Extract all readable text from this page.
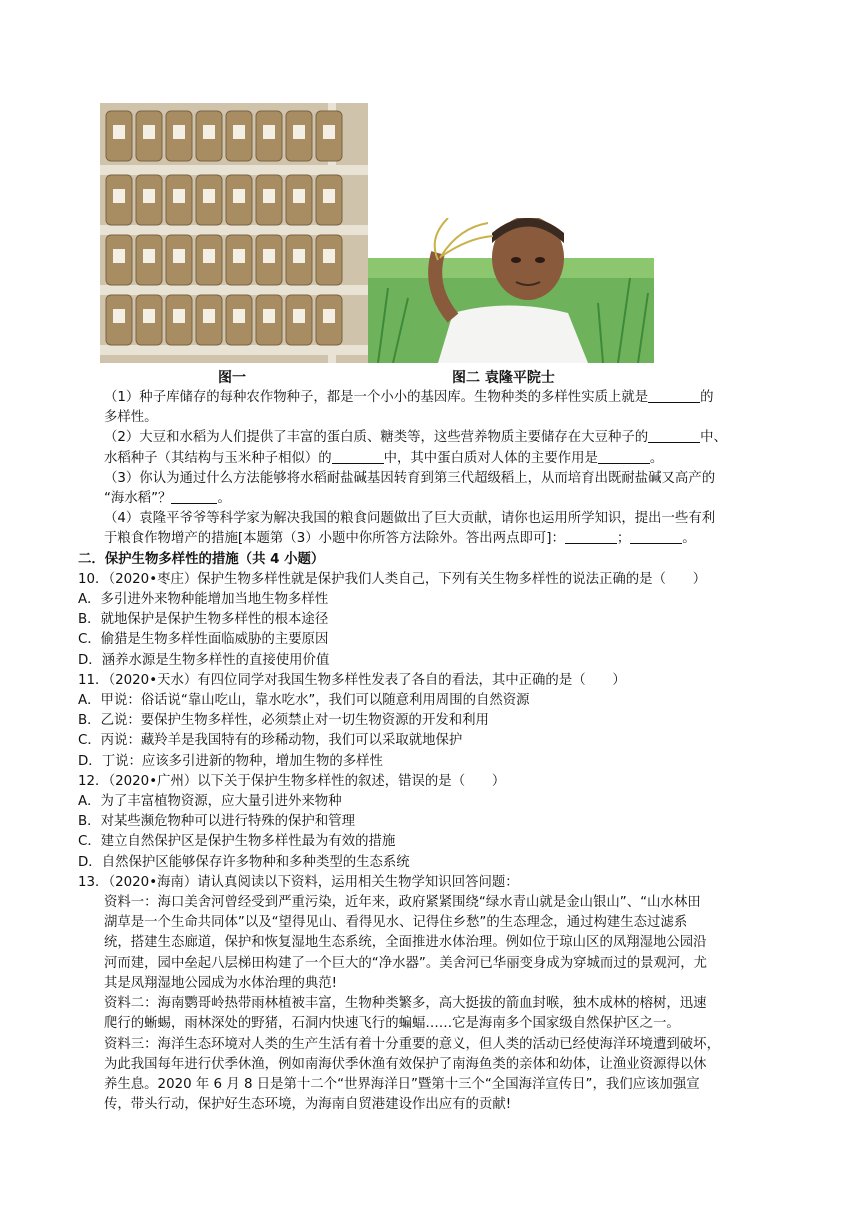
图一	图二 袁隆平院士

（1）种子库储存的每种农作物种子，都是一个小小的基因库。生物种类的多样性实质上就是	的

多样性。

（2）大豆和水稻为人们提供了丰富的蛋白质、糖类等，这些营养物质主要储存在大豆种子的	中、

水稻种子（其结构与玉米种子相似）的	中，其中蛋白质对人体的主要作用是	。

（3）你认为通过什么方法能够将水稻耐盐碱基因转育到第三代超级稻上，从而培育出既耐盐碱又高产的

“海水稻”？	。

（4）袁隆平爷爷等科学家为解决我国的粮食问题做出了巨大贡献，请你也运用所学知识，提出一些有利

于粮食作物增产的措施[本题第（3）小题中你所答方法除外。答出两点即可]：	；	。

二．保护生物多样性的措施（共 4 小题）

10．（2020•枣庄）保护生物多样性就是保护我们人类自己，下列有关生物多样性的说法正确的是（　　）

A．多引进外来物种能增加当地生物多样性

B．就地保护是保护生物多样性的根本途径

C．偷猎是生物多样性面临威胁的主要原因

D．涵养水源是生物多样性的直接使用价值

11．（2020•天水）有四位同学对我国生物多样性发表了各自的看法，其中正确的是（　　）

A．甲说：俗话说“靠山吃山，靠水吃水”，我们可以随意利用周围的自然资源

B．乙说：要保护生物多样性，必须禁止对一切生物资源的开发和利用

C．丙说：藏羚羊是我国特有的珍稀动物，我们可以采取就地保护

D．丁说：应该多引进新的物种，增加生物的多样性

12．（2020•广州）以下关于保护生物多样性的叙述，错误的是（　　）

A．为了丰富植物资源，应大量引进外来物种

B．对某些濒危物种可以进行特殊的保护和管理

C．建立自然保护区是保护生物多样性最为有效的措施

D．自然保护区能够保存许多物种和多种类型的生态系统

13．（2020•海南）请认真阅读以下资料，运用相关生物学知识回答问题：

资料一：海口美舍河曾经受到严重污染，近年来，政府紧紧围绕“绿水青山就是金山银山”、“山水林田

湖草是一个生命共同体”以及“望得见山、看得见水、记得住乡愁”的生态理念，通过构建生态过滤系

统，搭建生态廊道，保护和恢复湿地生态系统，全面推进水体治理。例如位于琼山区的凤翔湿地公园沿

河而建，园中垒起八层梯田构建了一个巨大的“净水器”。美舍河已华丽变身成为穿城而过的景观河，尤

其是凤翔湿地公园成为水体治理的典范!

资料二：海南鹦哥岭热带雨林植被丰富，生物种类繁多，高大挺拔的箭血封喉，独木成林的榕树，迅速

爬行的蜥蜴，雨林深处的野猪，石洞内快速飞行的蝙蝠……它是海南多个国家级自然保护区之一。

资料三：海洋生态环境对人类的生产生活有着十分重要的意义，但人类的活动已经使海洋环境遭到破坏，

为此我国每年进行伏季休渔，例如南海伏季休渔有效保护了南海鱼类的亲体和幼体，让渔业资源得以休

养生息。2020 年 6 月 8 日是第十二个“世界海洋日”暨第十三个“全国海洋宣传日”，我们应该加强宣

传，带头行动，保护好生态环境，为海南自贸港建设作出应有的贡献!
